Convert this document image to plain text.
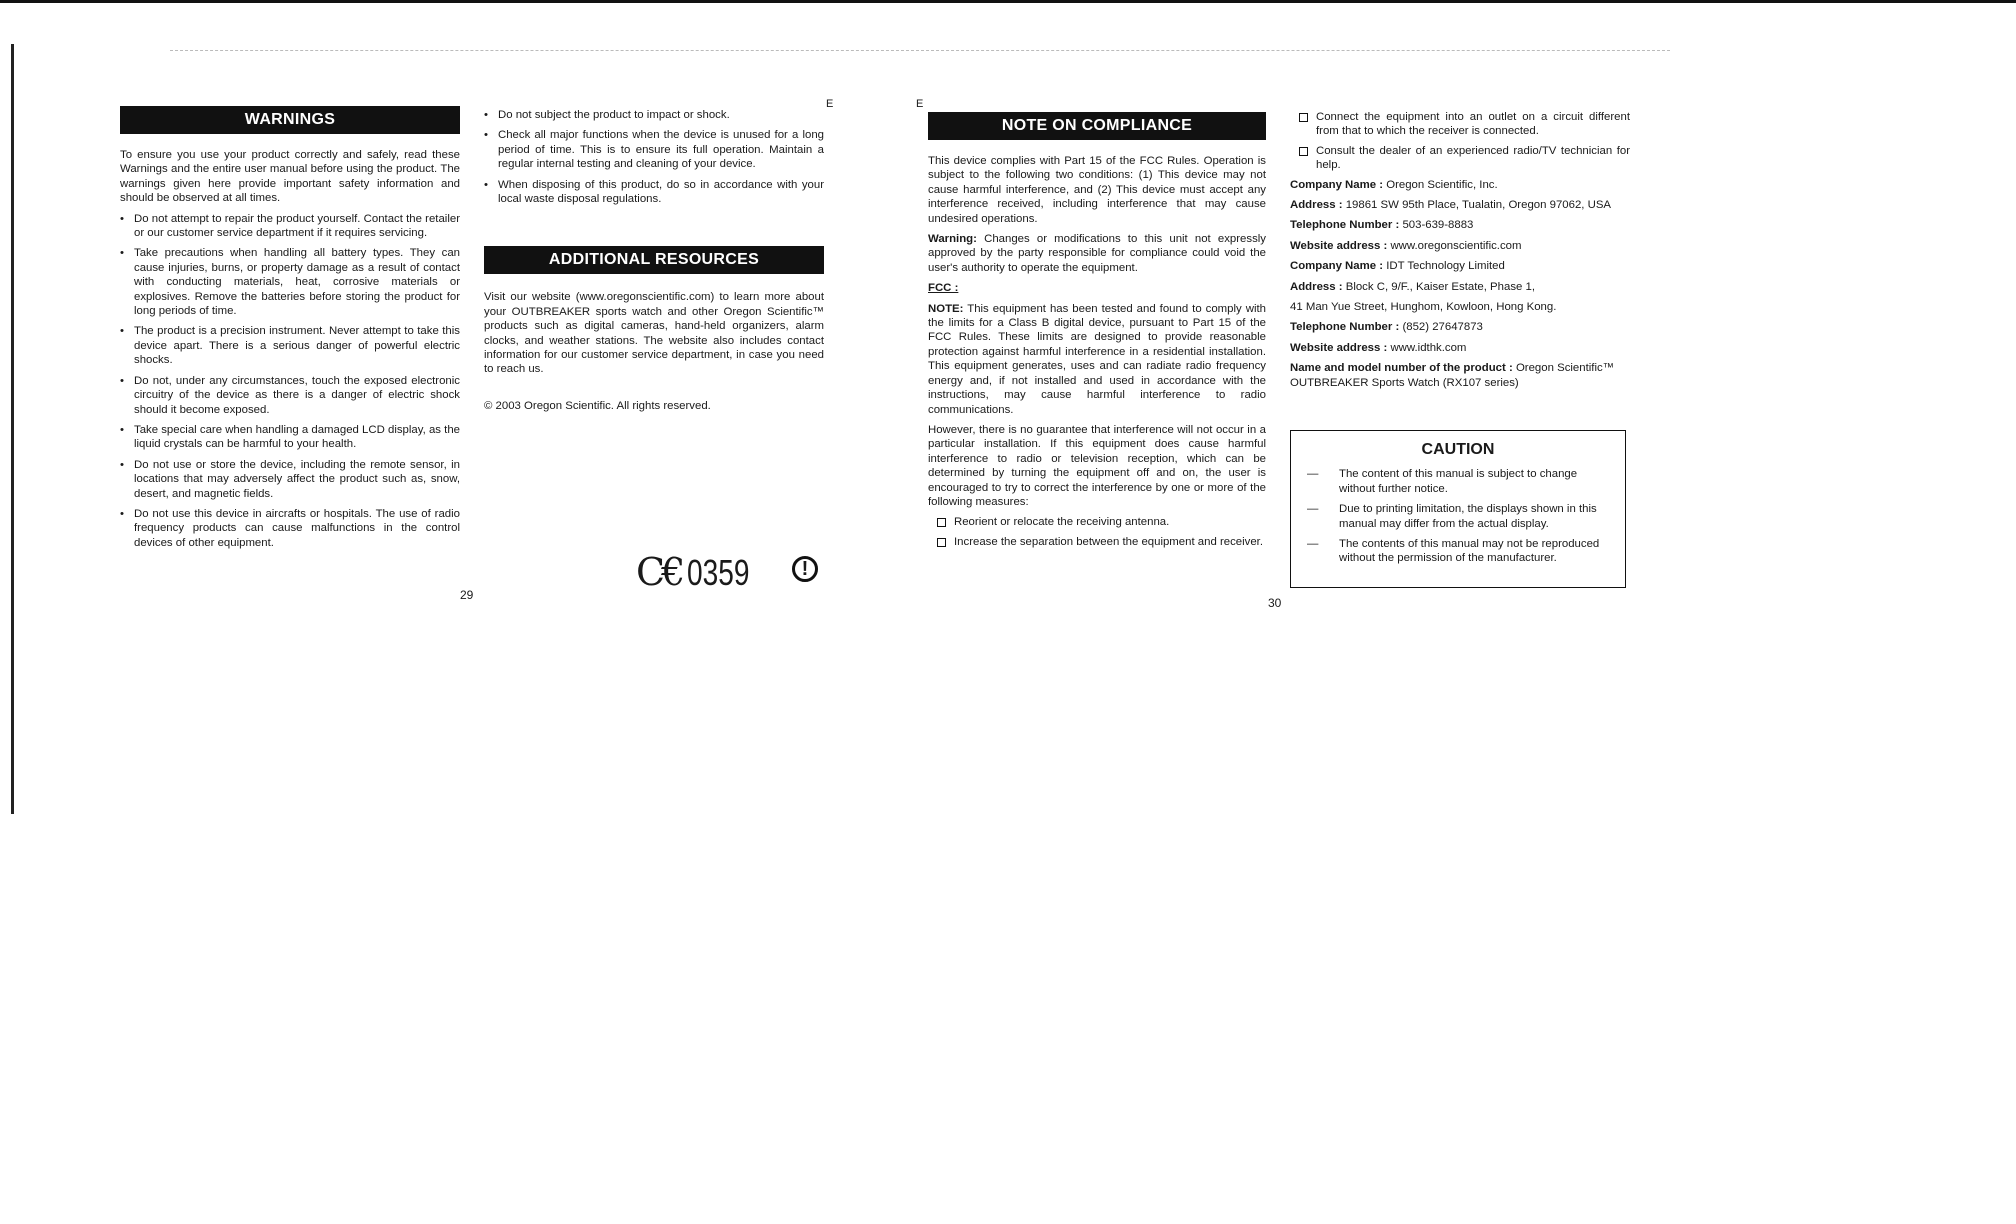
WARNINGS

To ensure you use your product correctly and safely, read these Warnings and the entire user manual before using the product. The warnings given here provide important safety information and should be observed at all times.

• Do not attempt to repair the product yourself. Contact the retailer or our customer service department if it requires servicing.
• Take precautions when handling all battery types. They can cause injuries, burns, or property damage as a result of contact with conducting materials, heat, corrosive materials or explosives. Remove the batteries before storing the product for long periods of time.
• The product is a precision instrument. Never attempt to take this device apart. There is a serious danger of powerful electric shocks.
• Do not, under any circumstances, touch the exposed electronic circuitry of the device as there is a danger of electric shock should it become exposed.
• Take special care when handling a damaged LCD display, as the liquid crystals can be harmful to your health.
• Do not use or store the device, including the remote sensor, in locations that may adversely affect the product such as, snow, desert, and magnetic fields.
• Do not use this device in aircrafts or hospitals. The use of radio frequency products can cause malfunctions in the control devices of other equipment.
• Do not subject the product to impact or shock.
• Check all major functions when the device is unused for a long period of time. This is to ensure its full operation. Maintain a regular internal testing and cleaning of your device.
• When disposing of this product, do so in accordance with your local waste disposal regulations.
ADDITIONAL RESOURCES

Visit our website (www.oregonscientific.com) to learn more about your OUTBREAKER sports watch and other Oregon Scientific™ products such as digital cameras, hand-held organizers, alarm clocks, and weather stations. The website also includes contact information for our customer service department, in case you need to reach us.

© 2003 Oregon Scientific. All rights reserved.

C€ 0359	!
29
E	E
NOTE ON COMPLIANCE

This device complies with Part 15 of the FCC Rules. Operation is subject to the following two conditions: (1) This device may not cause harmful interference, and (2) This device must accept any interference received, including interference that may cause undesired operations.

Warning: Changes or modifications to this unit not expressly approved by the party responsible for compliance could void the user's authority to operate the equipment.

FCC :

NOTE: This equipment has been tested and found to comply with the limits for a Class B digital device, pursuant to Part 15 of the FCC Rules. These limits are designed to provide reasonable protection against harmful interference in a residential installation. This equipment generates, uses and can radiate radio frequency energy and, if not installed and used in accordance with the instructions, may cause harmful interference to radio communications.

However, there is no guarantee that interference will not occur in a particular installation. If this equipment does cause harmful interference to radio or television reception, which can be determined by turning the equipment off and on, the user is encouraged to try to correct the interference by one or more of the following measures:

Reorient or relocate the receiving antenna.
Increase the separation between the equipment and receiver.
Connect the equipment into an outlet on a circuit different from that to which the receiver is connected.
Consult the dealer of an experienced radio/TV technician for help.
Company Name : Oregon Scientific, Inc.
Address : 19861 SW 95th Place, Tualatin, Oregon 97062, USA
Telephone Number : 503-639-8883
Website address : www.oregonscientific.com
Company Name : IDT Technology Limited
Address : Block C, 9/F., Kaiser Estate, Phase 1,
41 Man Yue Street, Hunghom, Kowloon, Hong Kong.
Telephone Number : (852) 27647873
Website address : www.idthk.com
Name and model number of the product : Oregon Scientific™ OUTBREAKER Sports Watch (RX107 series)
CAUTION
— The content of this manual is subject to change without further notice.
— Due to printing limitation, the displays shown in this manual may differ from the actual display.
— The contents of this manual may not be reproduced without the permission of the manufacturer.
30
